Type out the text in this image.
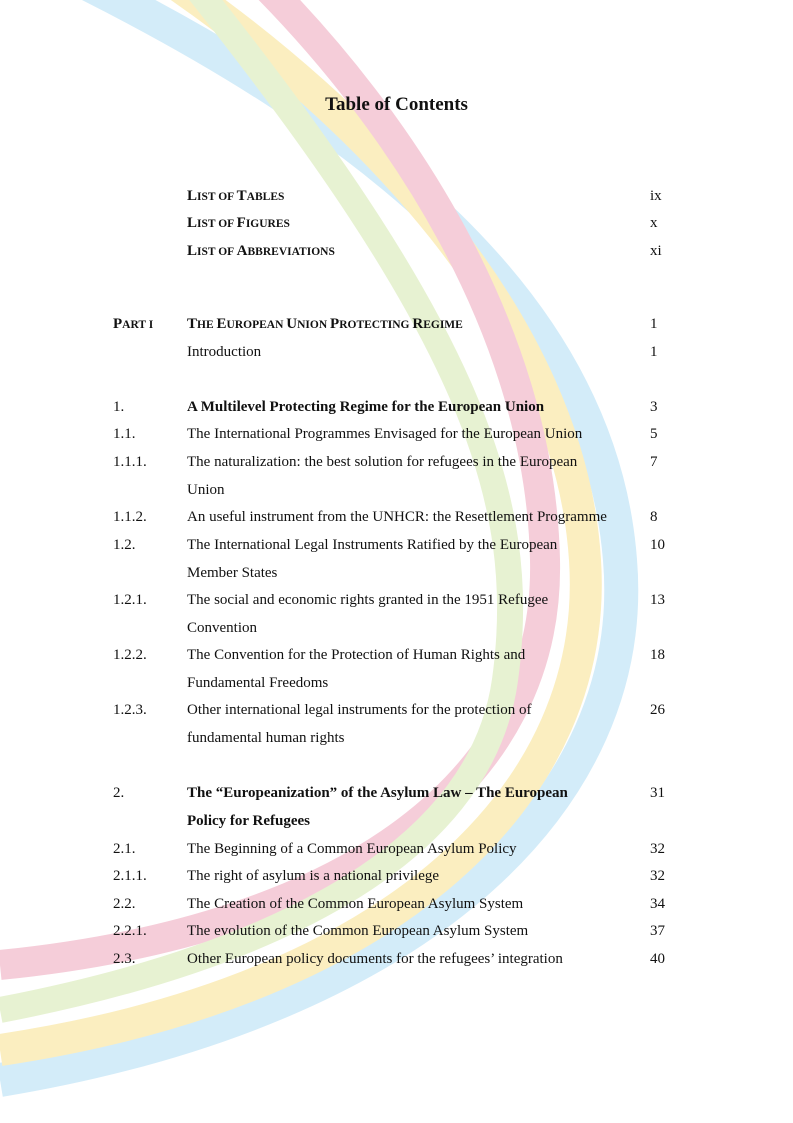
Table of Contents
LIST OF TABLES	ix
LIST OF FIGURES	x
LIST OF ABBREVIATIONS	xi
PART I THE EUROPEAN UNION PROTECTING REGIME	1
Introduction	1
1.	A Multilevel Protecting Regime for the European Union	3
1.1.	The International Programmes Envisaged for the European Union	5
1.1.1.	The naturalization: the best solution for refugees in the European	7
Union
1.1.2.	An useful instrument from the UNHCR: the Resettlement Programme	8
1.2.	The International Legal Instruments Ratified by the European	10
Member States
1.2.1.	The social and economic rights granted in the 1951 Refugee	13
Convention
1.2.2.	The Convention for the Protection of Human Rights and	18
Fundamental Freedoms
1.2.3.	Other international legal instruments for the protection of	26
fundamental human rights
2.	The “Europeanization” of the Asylum Law – The European	31
Policy for Refugees
2.1.	The Beginning of a Common European Asylum Policy	32
2.1.1.	The right of asylum is a national privilege	32
2.2.	The Creation of the Common European Asylum System	34
2.2.1.	The evolution of the Common European Asylum System	37
2.3.	Other European policy documents for the refugees’ integration	40
